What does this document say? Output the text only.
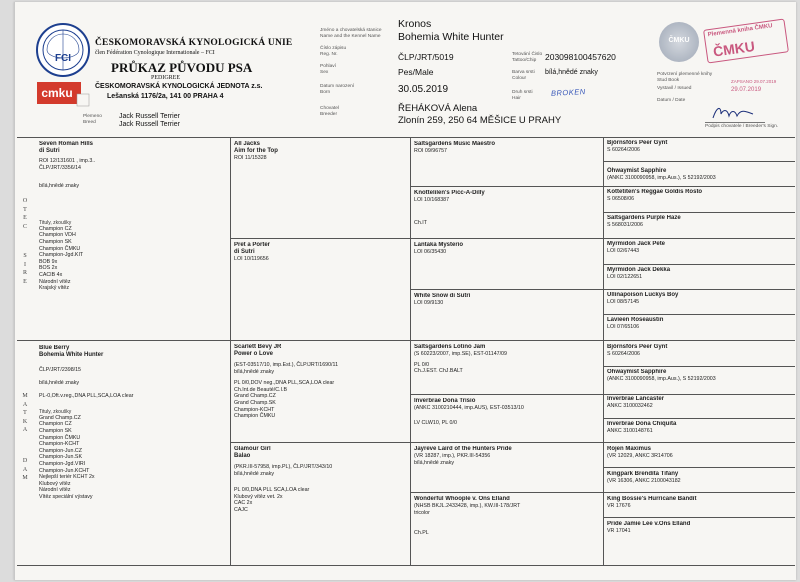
FCI
cmku
ČESKOMORAVSKÁ KYNOLOGICKÁ UNIE
člen Fédération Cynologique Internationale – FCI
PRŮKAZ PŮVODU PSA
PEDIGREE
ČESKOMORAVSKÁ KYNOLOGICKÁ JEDNOTA z.s.
Lešanská 1176/2a, 141 00 PRAHA 4
Plemeno
Breed
Jack Russell Terrier
Jack Russell Terrier
Jméno a chovatelská stanice
Name and the Kennel Name
Číslo zápisu
Reg. Nr.
Pohlaví
Sex
Datum narození
Born
Chovatel
Breeder
Kronos
Bohemia White Hunter
ČLP/JRT/5019
Pes/Male
30.05.2019
Tetování Čislo
Tattoo/Chip
Barva srsti
Colour
Druh srsti
Hair
203098100457620
bílá,hnědé znaky
BROKEN
ŘEHÁKOVÁ Alena
Zlonín 259, 250 64 MĚŠICE U PRAHY
ČMKU
Plemenná kniha ČMKU
ČMKU
Potvrzení plemenné knihy
Stud Book	ZAPSANO 29.07.2019
Vystavil / Issued	29.07.2019
Datum / Date
Podpis chovatele / Breeder's Sign.
O
T
E
C
S
I
R
E
M
A
T
K
A
D
A
M
Seven Roman Hills
di Sutri
ROI 12/131601 , imp.3..
ČLP/JRT/3356/14
bílá,hnědé znaky
Tituly, zkoušky
Champion CZ
Champion VDH
Champion SK
Champion ČMKU
Champion-Jgd.KIT
BOB 9x
BOS 2x
CACIB 4x
Národní vítěz
Krajský vítěz
Blue Berry
Bohemia White Hunter
ČLP/JRT/2398/15
bílá,hnědé znaky
PL-0,Oft.v.reg.,DNA PLL,SCA,LOA clear
Tituly, zkoušky
Grand Champ.CZ
Champion CZ
Champion SK
Champion ČMKU
Champion-KCHT
Champion-Jun.CZ
Champion-Jun.SK
Champion-Jgd.VIRI
Champion-Jun.KCHT
Nejlepší teriér KCHT 2x
Klubový vítěz
Národní vítěz
Vítěz speciální výstavy
All Jacks
Aim for the Top
ROI 11/15328
Pret a Porter
di Sutri
LOI 10/119656
Scarlett Bevy JR
Power o Love
(EST-03517/10, imp.Est.), ČLP/JRT/1690/11
bílá,hnědé znaky
PL 0/0,DOV neg.,DNA PLL,SCA,LOA clear
Ch.Int.de Beauté/C.I.B
Grand Champ.CZ
Grand Champ.SK
Champion-KCHT
Champion ČMKU
Glamour Girl
Balao
(PKR.III-57958, imp.PL), ČLP/JRT/343/10
bílá,hnědé znaky
PL 0/0,DNA PLL SCA,LOA clear
Klubový vítěz vet. 2x
CAC 2x
CAJC
Saltsgardens Music Maestro
ROI 09/96757
Knottelilen's Picc-A-Dilly
LOI 10/168387
Ch.IT
Lantaka Mysterio
LOI 06/35430
White Snow di Sutri
LOI 09/9130
Saltsgardens Lotino Jam
(S 60223/2007, imp.SE), EST-01147/09
PL 0/0
Ch.J.EST. ChJ.BALT
Inverbrae Dona Trisio
(ANKC 3100210444, imp.AUS), EST-03513/10
LV CLW10, PL 0/0
Jayreve Laird of the Hunters Pride
(VR 18287, imp.), PKR.III-54356
bílá,hnědé znaky
Wonderful Whoople v. Ons Elland
(NHSB BKJL.2433428, imp.), KW.III-178/JRT
tricolor
Ch.PL
Björnsförs Peer Gynt
S 60264/2006
Ohwaymist Sapphire
(ANKC 3100090958, imp.Aus.), S 52192/2003
Kottetiten's Reggae Goldis Rosto
S 06508/06
Saltsgardens Purple Haze
S 568031/2006
Myrmidon Jack Pete
LOI 02/67443
Myrmidon Jack Dekka
LOI 02/122651
Ullinapoison Luckys Boy
LOI 08/57145
Lavieen Roseaustin
LOI 07/65106
Björnsförs Peer Gynt
S 60264/2006
Ohwaymist Sapphire
(ANKC 3100090958, imp.Aus.), S 52192/2003
Inverbrae Lancaster
ANKC 3100032462
Inverbrae Dona Chiquita
ANKC 3100148761
Rojen Maximus
(VR 12029, ANKC 3R14706
Kingpark Brendita Tifany
(VR 16306, ANKC 2100043182
King Bossie's Hurricane Bandit
VR 17676
Pride Jamie Lee v.Ons Elland
VR 17041
